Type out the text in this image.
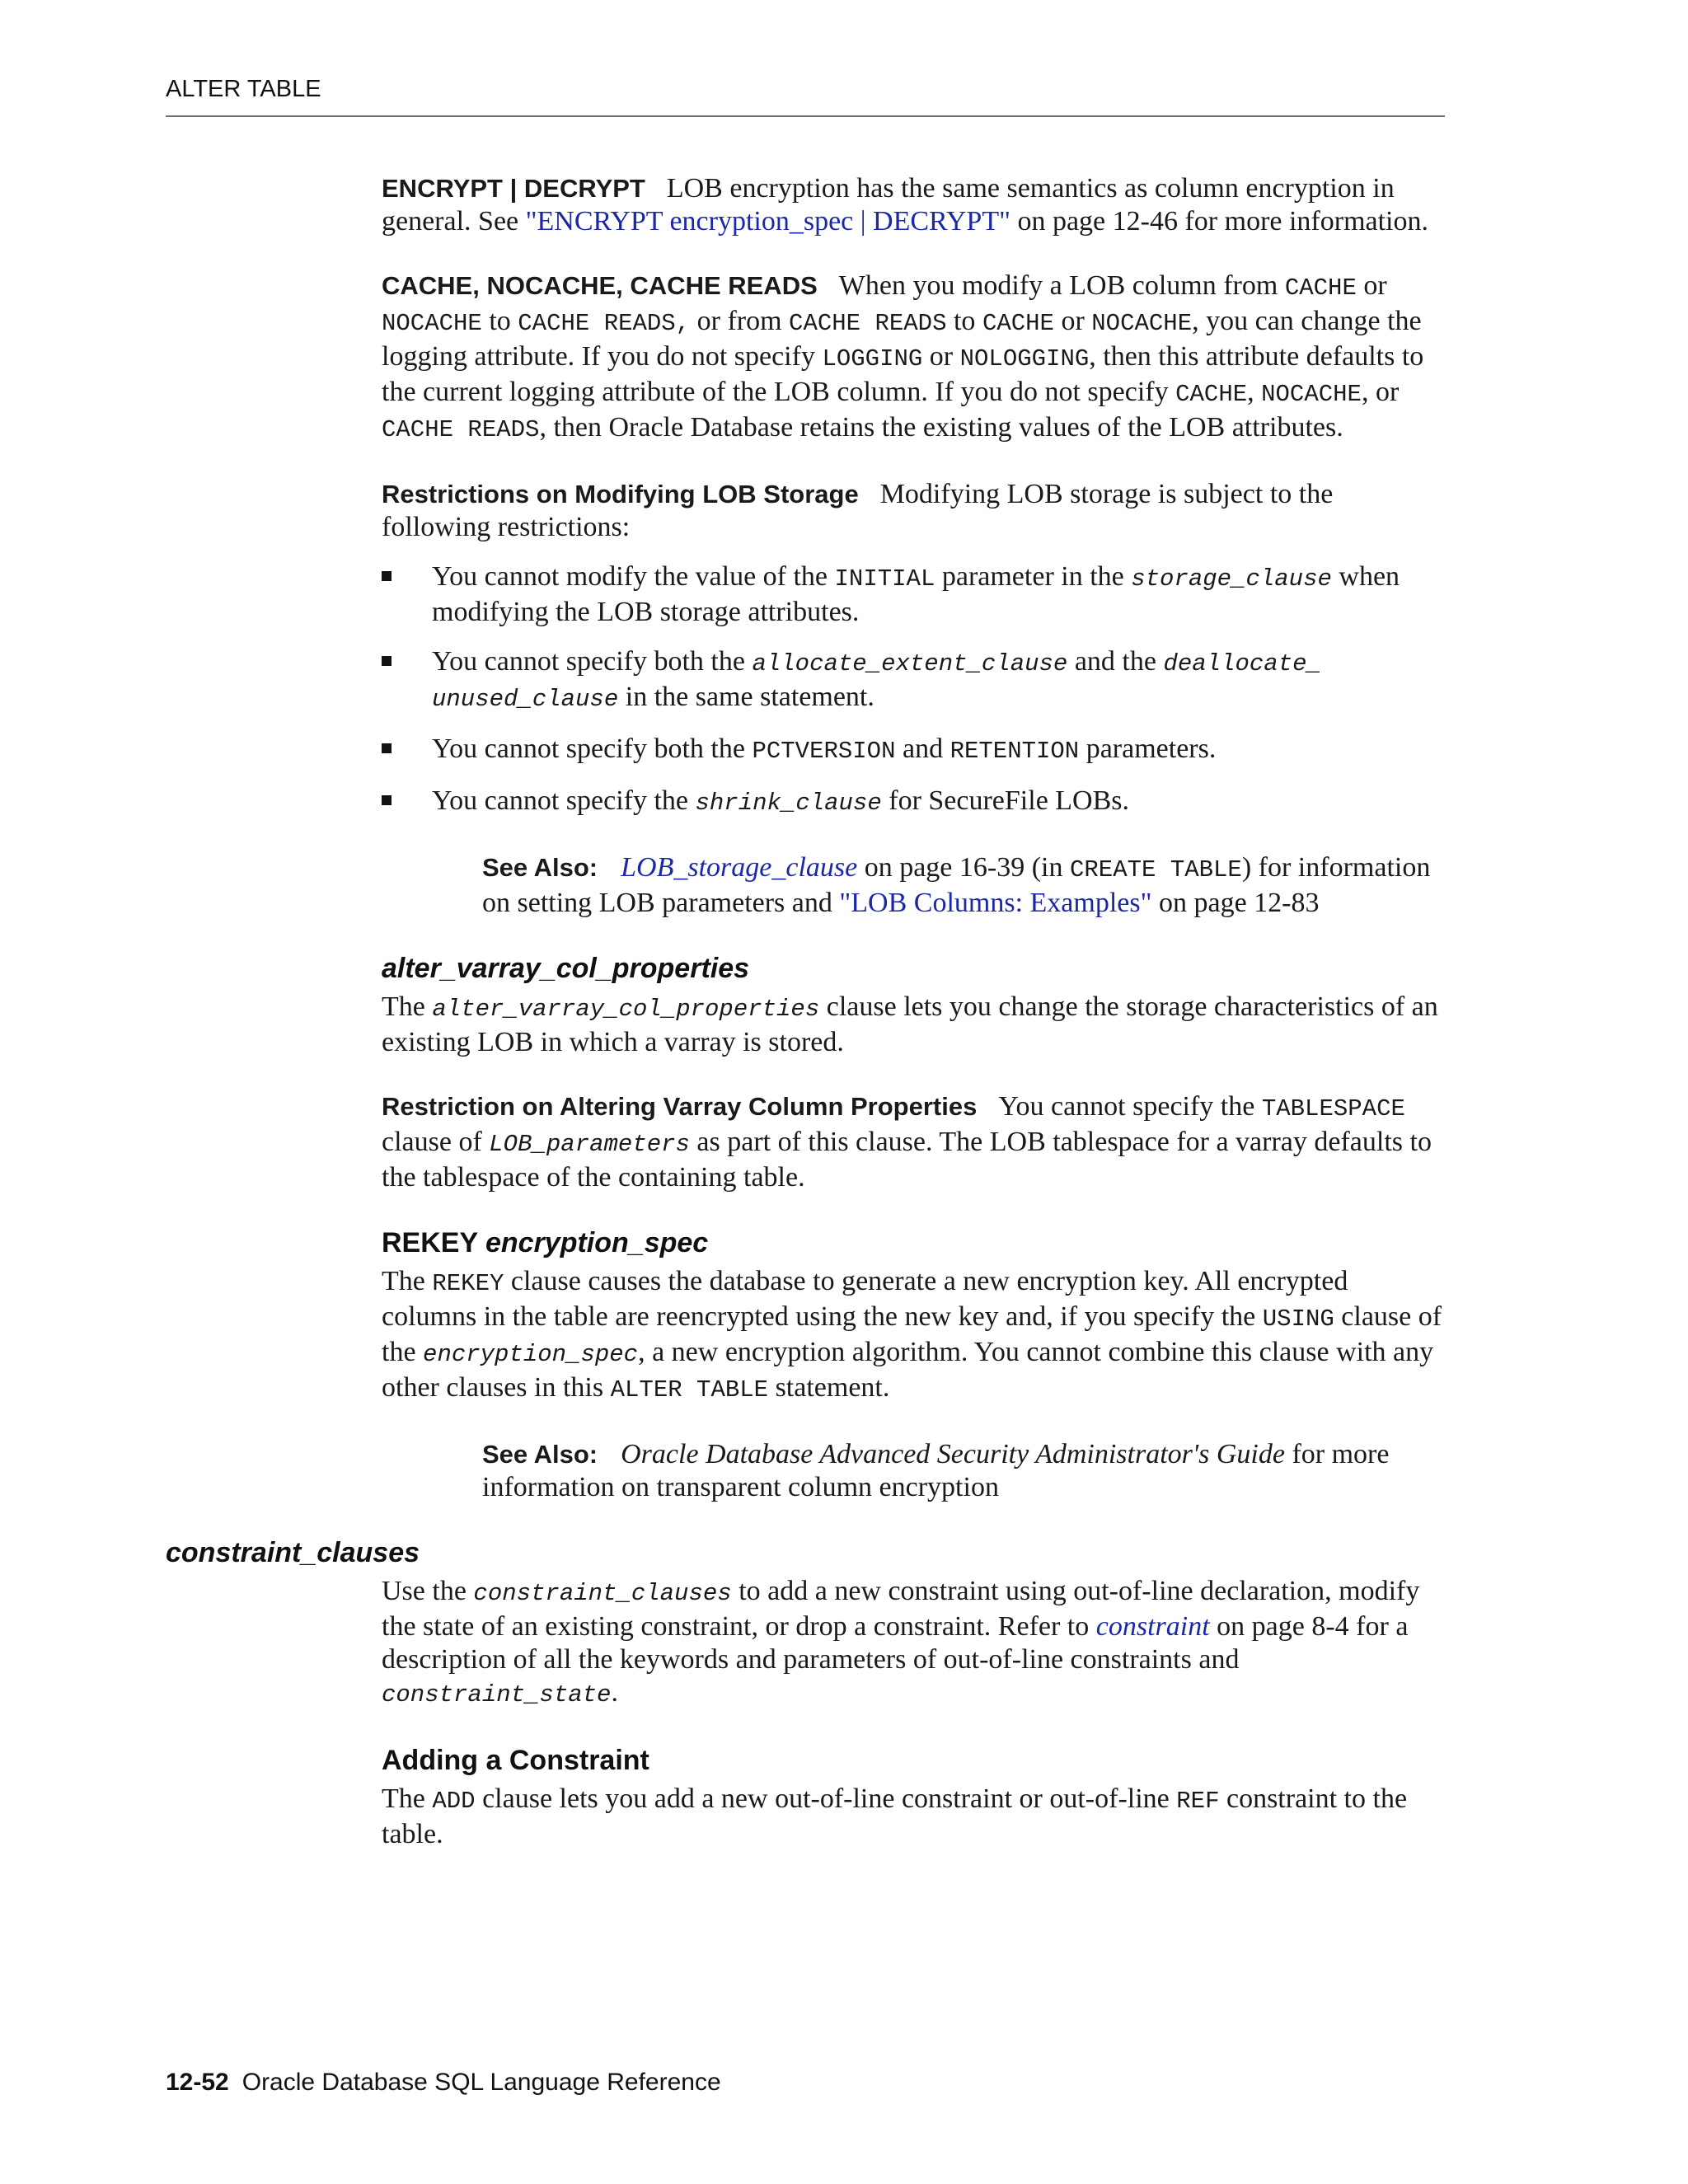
ALTER TABLE

ENCRYPT | DECRYPT LOB encryption has the same semantics as column encryption in general. See "ENCRYPT encryption_spec | DECRYPT" on page 12-46 for more information.

CACHE, NOCACHE, CACHE READS When you modify a LOB column from CACHE or NOCACHE to CACHE READS, or from CACHE READS to CACHE or NOCACHE, you can change the logging attribute. If you do not specify LOGGING or NOLOGGING, then this attribute defaults to the current logging attribute of the LOB column. If you do not specify CACHE, NOCACHE, or CACHE READS, then Oracle Database retains the existing values of the LOB attributes.

Restrictions on Modifying LOB Storage Modifying LOB storage is subject to the following restrictions:

You cannot modify the value of the INITIAL parameter in the storage_clause when modifying the LOB storage attributes.
You cannot specify both the allocate_extent_clause and the deallocate_ unused_clause in the same statement.
You cannot specify both the PCTVERSION and RETENTION parameters.
You cannot specify the shrink_clause for SecureFile LOBs.

See Also: LOB_storage_clause on page 16-39 (in CREATE TABLE) for information on setting LOB parameters and "LOB Columns: Examples" on page 12-83

alter_varray_col_properties

The alter_varray_col_properties clause lets you change the storage characteristics of an existing LOB in which a varray is stored.

Restriction on Altering Varray Column Properties You cannot specify the TABLESPACE clause of LOB_parameters as part of this clause. The LOB tablespace for a varray defaults to the tablespace of the containing table.

REKEY encryption_spec

The REKEY clause causes the database to generate a new encryption key. All encrypted columns in the table are reencrypted using the new key and, if you specify the USING clause of the encryption_spec, a new encryption algorithm. You cannot combine this clause with any other clauses in this ALTER TABLE statement.

See Also: Oracle Database Advanced Security Administrator's Guide for more information on transparent column encryption

constraint_clauses

Use the constraint_clauses to add a new constraint using out-of-line declaration, modify the state of an existing constraint, or drop a constraint. Refer to constraint on page 8-4 for a description of all the keywords and parameters of out-of-line constraints and constraint_state.

Adding a Constraint

The ADD clause lets you add a new out-of-line constraint or out-of-line REF constraint to the table.

12-52 Oracle Database SQL Language Reference
